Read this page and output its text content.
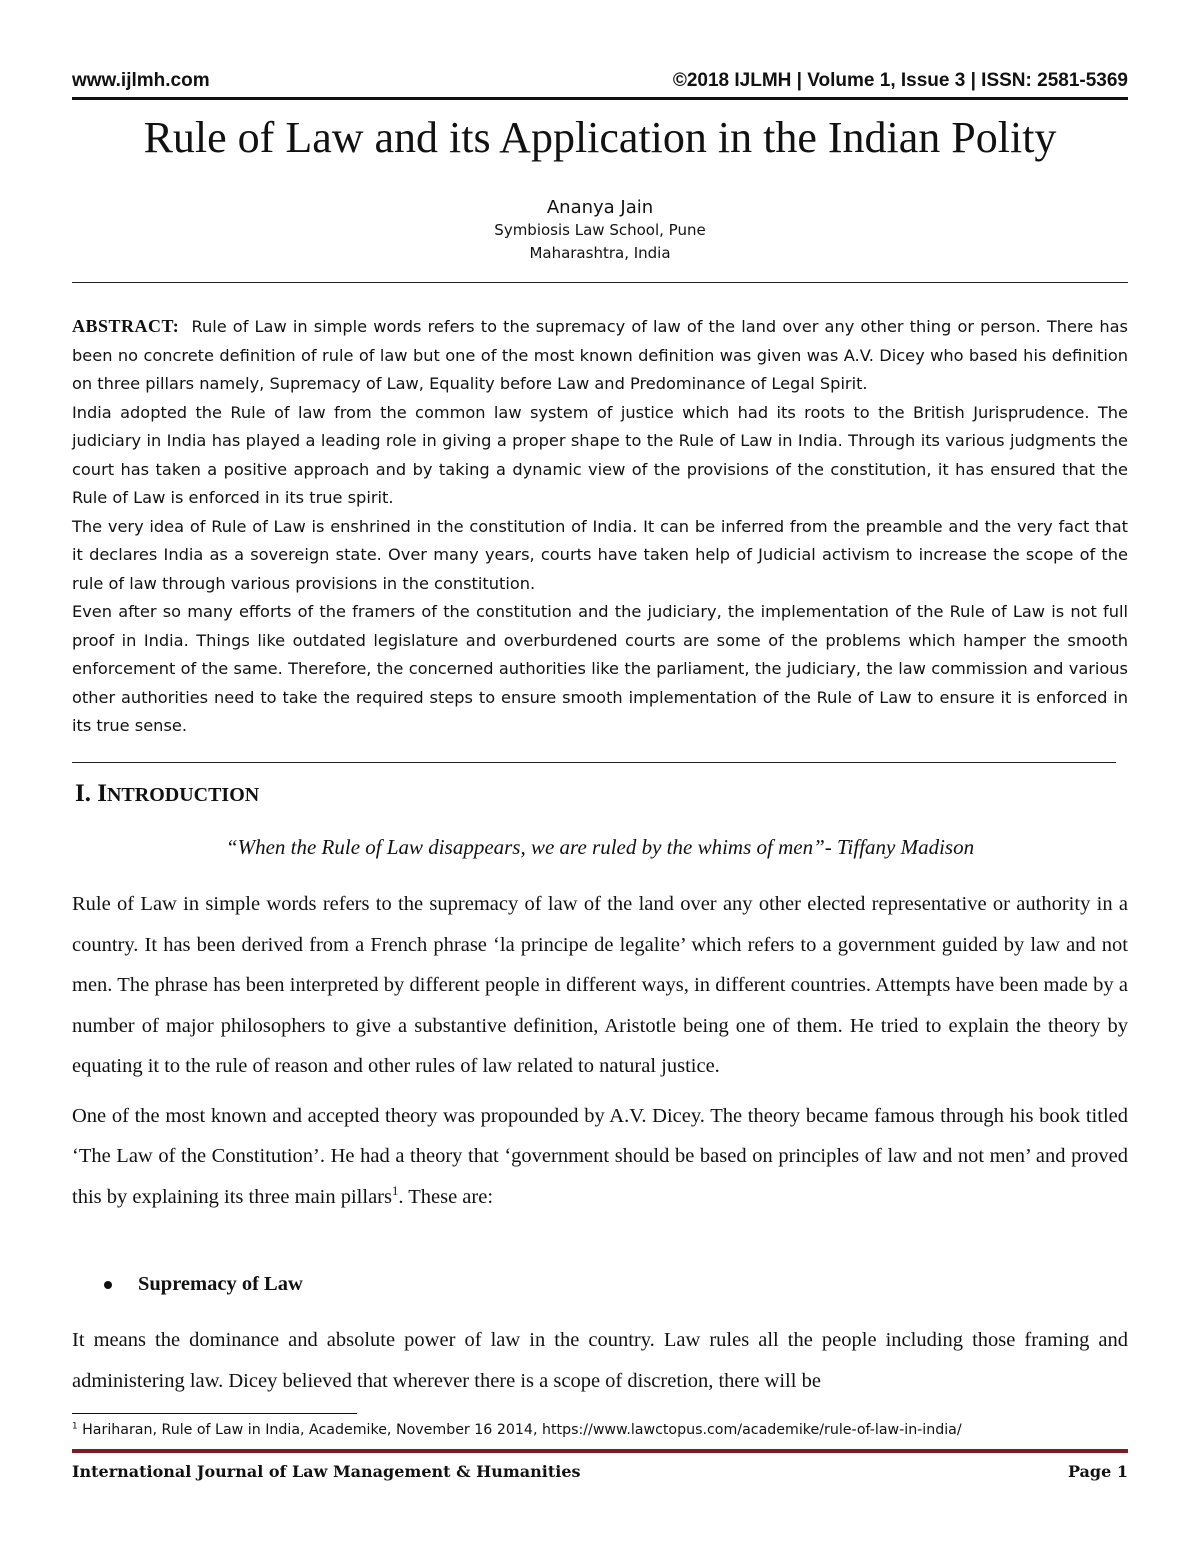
www.ijlmh.com	©2018 IJLMH | Volume 1, Issue 3 | ISSN: 2581-5369
Rule of Law and its Application in the Indian Polity
Ananya Jain
Symbiosis Law School, Pune
Maharashtra, India

ABSTRACT: Rule of Law in simple words refers to the supremacy of law of the land over any other thing or person. There has been no concrete definition of rule of law but one of the most known definition was given was A.V. Dicey who based his definition on three pillars namely, Supremacy of Law, Equality before Law and Predominance of Legal Spirit.

India adopted the Rule of law from the common law system of justice which had its roots to the British Jurisprudence. The judiciary in India has played a leading role in giving a proper shape to the Rule of Law in India. Through its various judgments the court has taken a positive approach and by taking a dynamic view of the provisions of the constitution, it has ensured that the Rule of Law is enforced in its true spirit.

The very idea of Rule of Law is enshrined in the constitution of India. It can be inferred from the preamble and the very fact that it declares India as a sovereign state. Over many years, courts have taken help of Judicial activism to increase the scope of the rule of law through various provisions in the constitution.

Even after so many efforts of the framers of the constitution and the judiciary, the implementation of the Rule of Law is not full proof in India. Things like outdated legislature and overburdened courts are some of the problems which hamper the smooth enforcement of the same. Therefore, the concerned authorities like the parliament, the judiciary, the law commission and various other authorities need to take the required steps to ensure smooth implementation of the Rule of Law to ensure it is enforced in its true sense.

I. INTRODUCTION
“When the Rule of Law disappears, we are ruled by the whims of men”- Tiffany Madison

Rule of Law in simple words refers to the supremacy of law of the land over any other elected representative or authority in a country. It has been derived from a French phrase ‘la principe de legalite’ which refers to a government guided by law and not men. The phrase has been interpreted by different people in different ways, in different countries. Attempts have been made by a number of major philosophers to give a substantive definition, Aristotle being one of them. He tried to explain the theory by equating it to the rule of reason and other rules of law related to natural justice.

One of the most known and accepted theory was propounded by A.V. Dicey. The theory became famous through his book titled ‘The Law of the Constitution’. He had a theory that ‘government should be based on principles of law and not men’ and proved this by explaining its three main pillars$^1$. These are:

Supremacy of Law

It means the dominance and absolute power of law in the country. Law rules all the people including those framing and administering law. Dicey believed that wherever there is a scope of discretion, there will be

$^1$ Hariharan, Rule of Law in India, Academike, November 16 2014, https://www.lawctopus.com/academike/rule-of-law-in-india/
International Journal of Law Management & Humanities	Page 1
